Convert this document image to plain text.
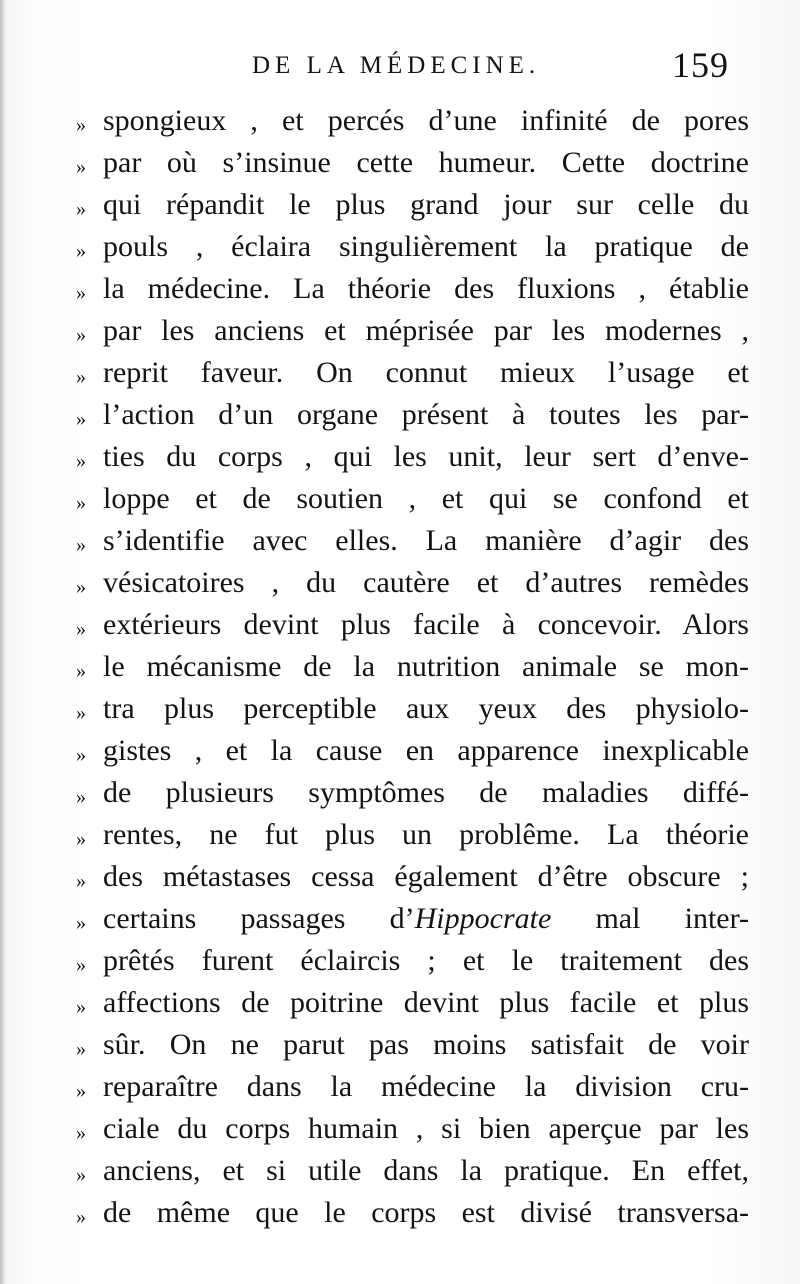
DE LA MÉDECINE.	159
» spongieux , et percés d’une infinité de pores
» par où s’insinue cette humeur. Cette doctrine
» qui répandit le plus grand jour sur celle du
» pouls , éclaira singulièrement la pratique de
» la médecine. La théorie des fluxions , établie
» par les anciens et méprisée par les modernes ,
» reprit faveur. On connut mieux l’usage et
» l’action d’un organe présent à toutes les par-
» ties du corps , qui les unit, leur sert d’enve-
» loppe et de soutien , et qui se confond et
» s’identifie avec elles. La manière d’agir des
» vésicatoires , du cautère et d’autres remèdes
» extérieurs devint plus facile à concevoir. Alors
» le mécanisme de la nutrition animale se mon-
» tra plus perceptible aux yeux des physiolo-
» gistes , et la cause en apparence inexplicable
» de plusieurs symptômes de maladies diffé-
» rentes, ne fut plus un problême. La théorie
» des métastases cessa également d’être obscure ;
» certains passages d’Hippocrate mal inter-
» prêtés furent éclaircis ; et le traitement des
» affections de poitrine devint plus facile et plus
» sûr. On ne parut pas moins satisfait de voir
» reparaître dans la médecine la division cru-
» ciale du corps humain , si bien aperçue par les
» anciens, et si utile dans la pratique. En effet,
» de même que le corps est divisé transversa-
